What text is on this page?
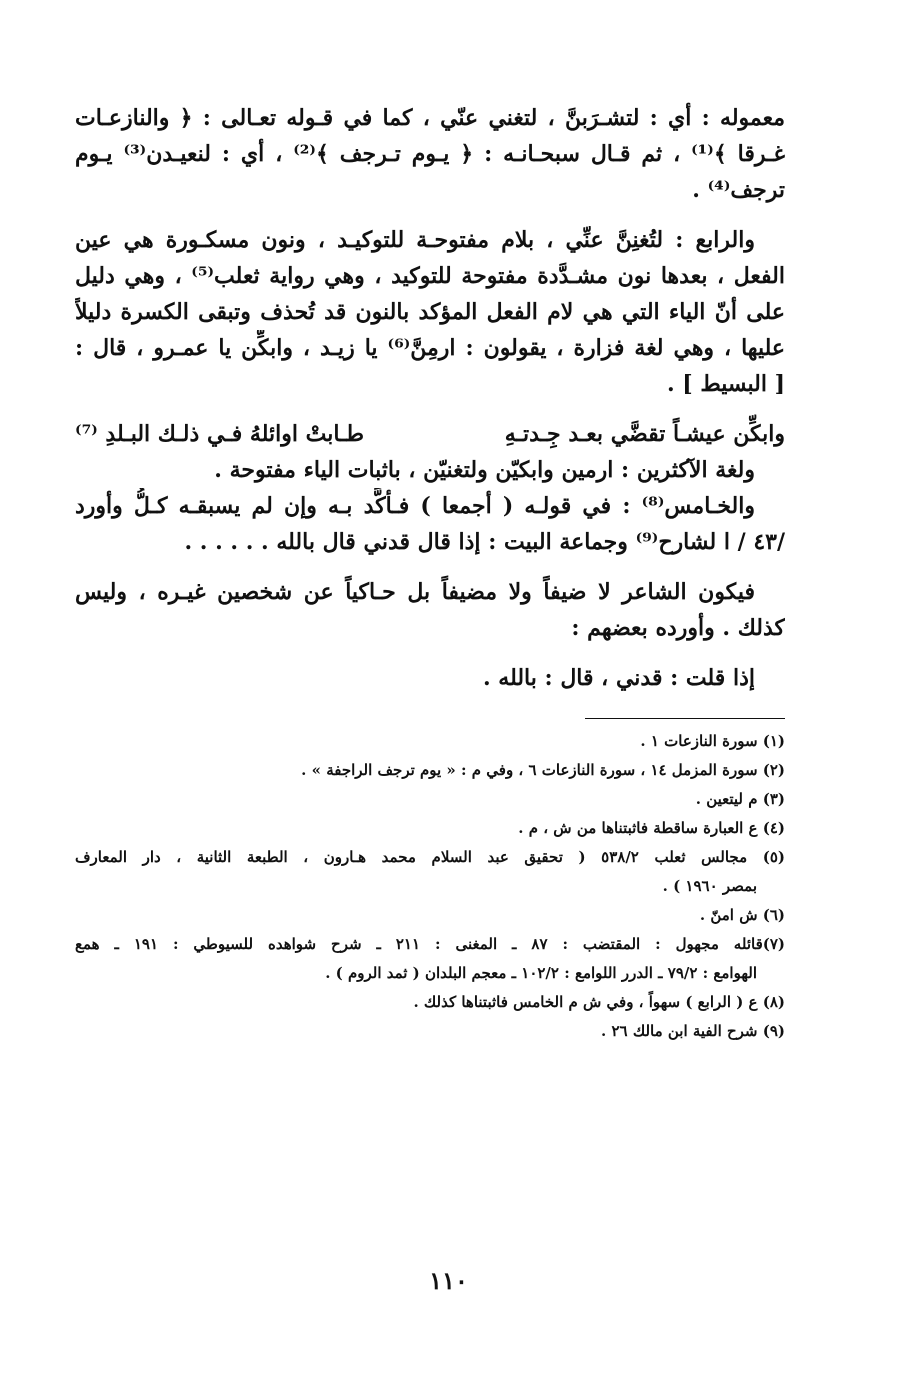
معموله : أي : لتشـرَبنَّ ، لتغني عنّي ، كما في قـوله تعـالى : ﴿ والنازعـات
غـرقا ﴾⁽¹⁾ ، ثم قـال سبحـانـه : ﴿ يـوم تـرجف ﴾⁽²⁾ ، أي : لنعيـدن⁽³⁾ يـوم
ترجف⁽⁴⁾ .
والرابع : لتُغنِنَّ عنِّي ، بلام مفتوحـة للتوكيـد ، ونون مسكـورة هي عين
الفعل ، بعدها نون مشـدَّدة مفتوحة للتوكيد ، وهي رواية ثعلب⁽⁵⁾ ، وهي دليل
على أنّ الياء التي هي لام الفعل المؤكد بالنون قد تُحذف وتبقى الكسرة دليلاً
عليها ، وهي لغة فزارة ، يقولون : ارمِنَّ⁽⁶⁾ يا زيـد ، وابكِّن يا عمـرو ، قال :
[ البسيط ] .
وابكِّن عيشـاً تقضَّي بعـد جِـدتـهِ
طـابتْ اوائلهُ فـي ذلـك البـلدِ ⁽⁷⁾
ولغة الآكثرين : ارمين وابكيّن ولتغنيّن ، باثبات الياء مفتوحة .
والخـامس⁽⁸⁾ : في قولـه ( أجمعا ) فـأكَّد بـه وإن لم يسبقـه كـلُّ وأورد
/٤٣ / ا لشارح⁽⁹⁾ وجماعة البيت : إذا قال قدني قال بالله . . . . . .
فيكون الشاعر لا ضيفاً ولا مضيفاً بل حـاكياً عن شخصين غيـره ، وليس
كذلك . وأورده بعضهم :
إذا قلت : قدني ، قال : بالله .
(١) سورة النازعات ١ .
(٢) سورة المزمل ١٤ ، سورة النازعات ٦ ، وفي م : « يوم ترجف الراجفة » .
(٣) م ليتعين .
(٤) ع العبارة ساقطة فاثبتناها من ش ، م .
(٥) مجالس ثعلب ٥٣٨/٢ ( تحقيق عبد السلام محمد هـارون ، الطبعة الثانية ، دار المعارف
بمصر ١٩٦٠ ) .
(٦) ش امنّ .
(٧)قائله مجهول : المقتضب : ٨٧ ـ المغنى : ٢١١ ـ شرح شواهده للسيوطي : ١٩١ ـ همع
الهوامع : ٧٩/٢ ـ الدرر اللوامع : ١٠٢/٢ ـ معجم البلدان ( ثمد الروم ) .
(٨) ع ( الرابع ) سهواً ، وفي ش م الخامس فاثبتناها كذلك .
(٩) شرح الفية ابن مالك ٢٦ .
١١٠
